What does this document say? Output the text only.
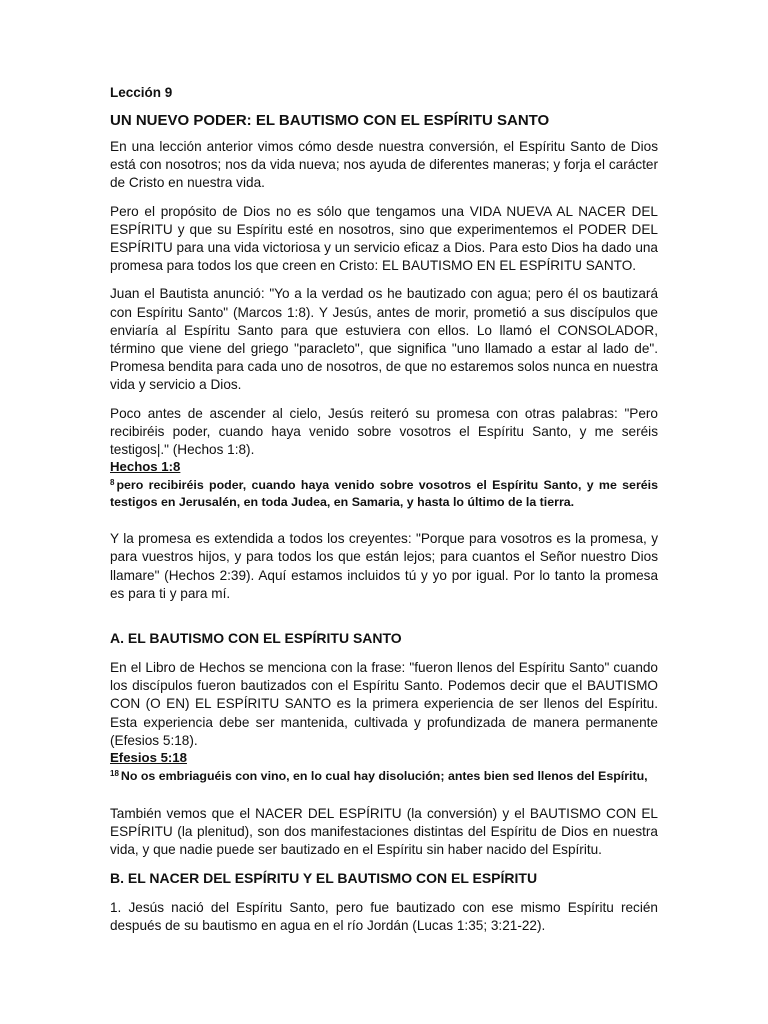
Lección 9
UN NUEVO PODER: EL BAUTISMO CON EL ESPÍRITU SANTO

En una lección anterior vimos cómo desde nuestra conversión, el Espíritu Santo de Dios está con nosotros; nos da vida nueva; nos ayuda de diferentes maneras; y forja el carácter de Cristo en nuestra vida.

Pero el propósito de Dios no es sólo que tengamos una VIDA NUEVA AL NACER DEL ESPÍRITU y que su Espíritu esté en nosotros, sino que experimentemos el PODER DEL ESPÍRITU para una vida victoriosa y un servicio eficaz a Dios. Para esto Dios ha dado una promesa para todos los que creen en Cristo: EL BAUTISMO EN EL ESPÍRITU SANTO.

Juan el Bautista anunció: "Yo a la verdad os he bautizado con agua; pero él os bautizará con Espíritu Santo" (Marcos 1:8). Y Jesús, antes de morir, prometió a sus discípulos que enviaría al Espíritu Santo para que estuviera con ellos. Lo llamó el CONSOLADOR, término que viene del griego "paracleto", que significa "uno llamado a estar al lado de". Promesa bendita para cada uno de nosotros, de que no estaremos solos nunca en nuestra vida y servicio a Dios.

Poco antes de ascender al cielo, Jesús reiteró su promesa con otras palabras: "Pero recibiréis poder, cuando haya venido sobre vosotros el Espíritu Santo, y me seréis testigos|." (Hechos 1:8).

Hechos 1:8
$^8$ pero recibiréis poder, cuando haya venido sobre vosotros el Espíritu Santo, y me seréis testigos en Jerusalén, en toda Judea, en Samaria, y hasta lo último de la tierra.

Y la promesa es extendida a todos los creyentes: "Porque para vosotros es la promesa, y para vuestros hijos, y para todos los que están lejos; para cuantos el Señor nuestro Dios llamare" (Hechos 2:39). Aquí estamos incluidos tú y yo por igual. Por lo tanto la promesa es para ti y para mí.

A. EL BAUTISMO CON EL ESPÍRITU SANTO

En el Libro de Hechos se menciona con la frase: "fueron llenos del Espíritu Santo" cuando los discípulos fueron bautizados con el Espíritu Santo. Podemos decir que el BAUTISMO CON (O EN) EL ESPÍRITU SANTO es la primera experiencia de ser llenos del Espíritu. Esta experiencia debe ser mantenida, cultivada y profundizada de manera permanente (Efesios 5:18).

Efesios 5:18
$^{18}$ No os embriaguéis con vino, en lo cual hay disolución; antes bien sed llenos del Espíritu,

También vemos que el NACER DEL ESPÍRITU (la conversión) y el BAUTISMO CON EL ESPÍRITU (la plenitud), son dos manifestaciones distintas del Espíritu de Dios en nuestra vida, y que nadie puede ser bautizado en el Espíritu sin haber nacido del Espíritu.

B. EL NACER DEL ESPÍRITU Y EL BAUTISMO CON EL ESPÍRITU

1. Jesús nació del Espíritu Santo, pero fue bautizado con ese mismo Espíritu recién después de su bautismo en agua en el río Jordán (Lucas 1:35; 3:21-22).
